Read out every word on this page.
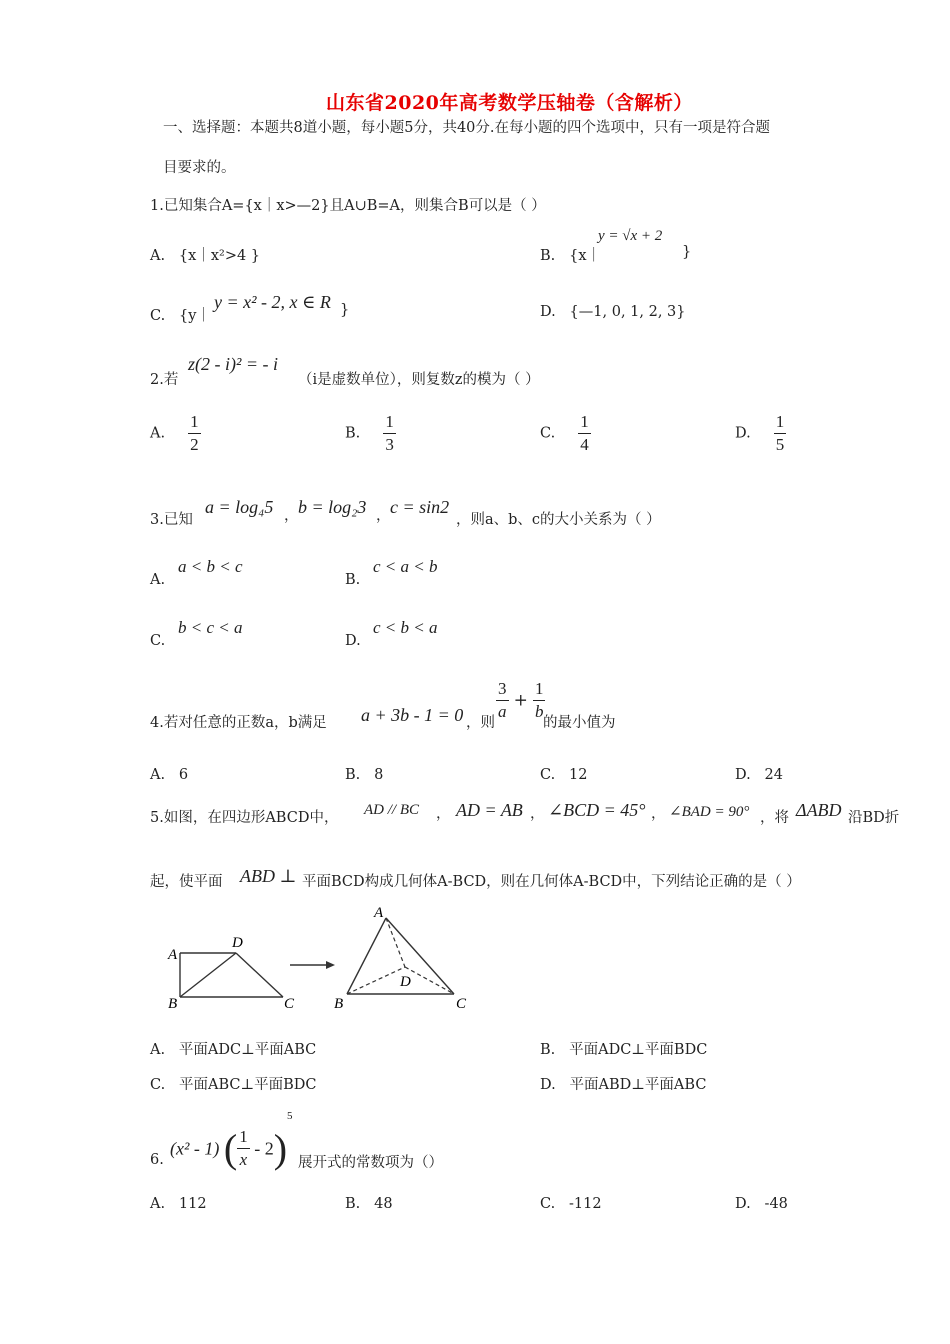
山东省2020年高考数学压轴卷（含解析）
一、选择题：本题共8道小题，每小题5分，共40分.在每小题的四个选项中，只有一项是符合题
目要求的。
1.已知集合A={x｜x>—2}且A∪B=A，则集合B可以是（ ）
A. {x｜x²>4 }	B. {x｜
y = √x + 2
}
C. {y｜
y = x² - 2, x ∈ R }	D. {—1, 0, 1, 2, 3}
2.若
z(2 - i)² = - i
（i是虚数单位），则复数z的模为（ ）
A. $\frac{1}{2}$	B. $\frac{1}{3}$	C. $\frac{1}{4}$	D. $\frac{1}{5}$
3.已知
a = log₄5 ， b = log₂3 ， c = sin2
，则a、b、c的大小关系为（ ）
A.
a < b < c
B.
c < a < b
C.
b < c < a
D.
c < b < a
4.若对任意的正数a，b满足 a + 3b - 1 = 0 ，则 $\frac{3}{a} + \frac{1}{b}$
的最小值为
A. 6	B. 8	C. 12	D. 24
5.如图，在四边形ABCD中， AD // BC ， AD = AB ， ∠BCD = 45° ， ∠BAD = 90° ，将 ΔABD 沿BD折
起，使平面 ABD ⊥ 平面BCD构成几何体A-BCD，则在几何体A-BCD中，下列结论正确的是（ ）
A
D
B	C
A
D
B	C
A. 平面ADC⊥平面ABC	B. 平面ADC⊥平面BDC
C. 平面ABC⊥平面BDC	D. 平面ABD⊥平面ABC
(x² - 1) ( $\frac{1}{x} - 2)^5$
6.	展开式的常数项为（）
A. 112	B. 48	C. -112	D. -48
